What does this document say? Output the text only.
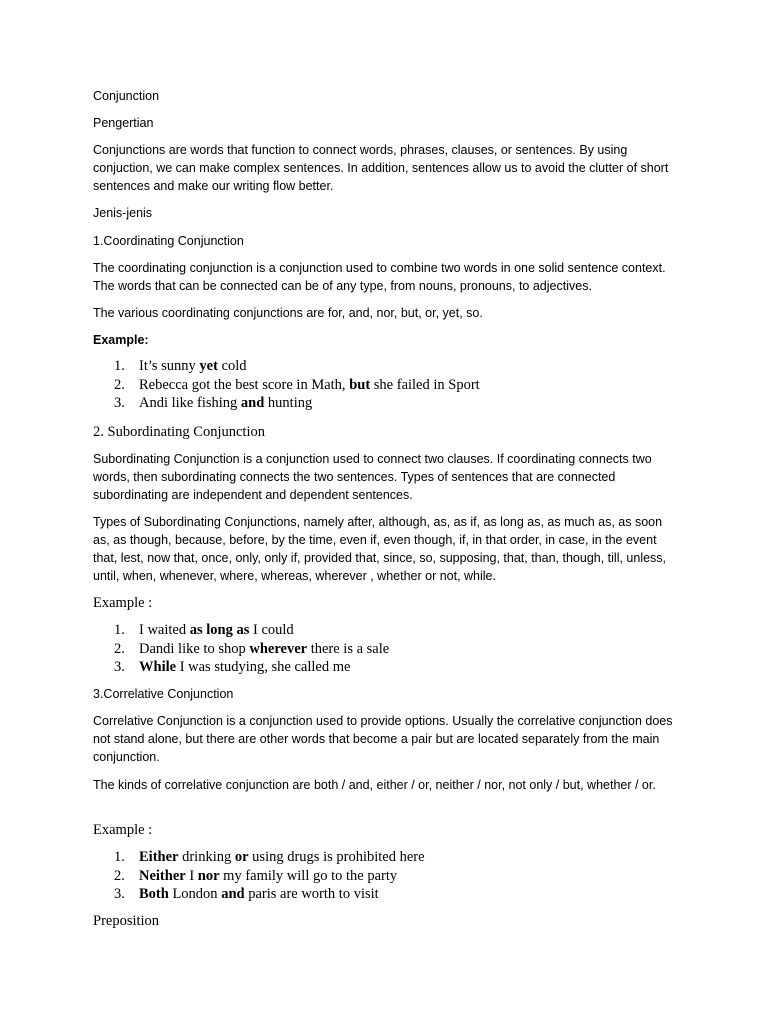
Conjunction
Pengertian
Conjunctions are words that function to connect words, phrases, clauses, or sentences. By using conjuction, we can make complex sentences. In addition, sentences allow us to avoid the clutter of short sentences and make our writing flow better.
Jenis-jenis
1.Coordinating Conjunction
The coordinating conjunction is a conjunction used to combine two words in one solid sentence context. The words that can be connected can be of any type, from nouns, pronouns, to adjectives.
The various coordinating conjunctions are for, and, nor, but, or, yet, so.
Example:
1. It’s sunny yet cold
2. Rebecca got the best score in Math, but she failed in Sport
3. Andi like fishing and hunting
2. Subordinating Conjunction
Subordinating Conjunction is a conjunction used to connect two clauses. If coordinating connects two words, then subordinating connects the two sentences. Types of sentences that are connected subordinating are independent and dependent sentences.
Types of Subordinating Conjunctions, namely after, although, as, as if, as long as, as much as, as soon as, as though, because, before, by the time, even if, even though, if, in that order, in case, in the event that, lest, now that, once, only, only if, provided that, since, so, supposing, that, than, though, till, unless, until, when, whenever, where, whereas, wherever , whether or not, while.
Example :
1. I waited as long as I could
2. Dandi like to shop wherever there is a sale
3. While I was studying, she called me
3.Correlative Conjunction
Correlative Conjunction is a conjunction used to provide options. Usually the correlative conjunction does not stand alone, but there are other words that become a pair but are located separately from the main conjunction.
The kinds of correlative conjunction are both / and, either / or, neither / nor, not only / but, whether / or.
Example :
1. Either drinking or using drugs is prohibited here
2. Neither I nor my family will go to the party
3. Both London and paris are worth to visit
Preposition
